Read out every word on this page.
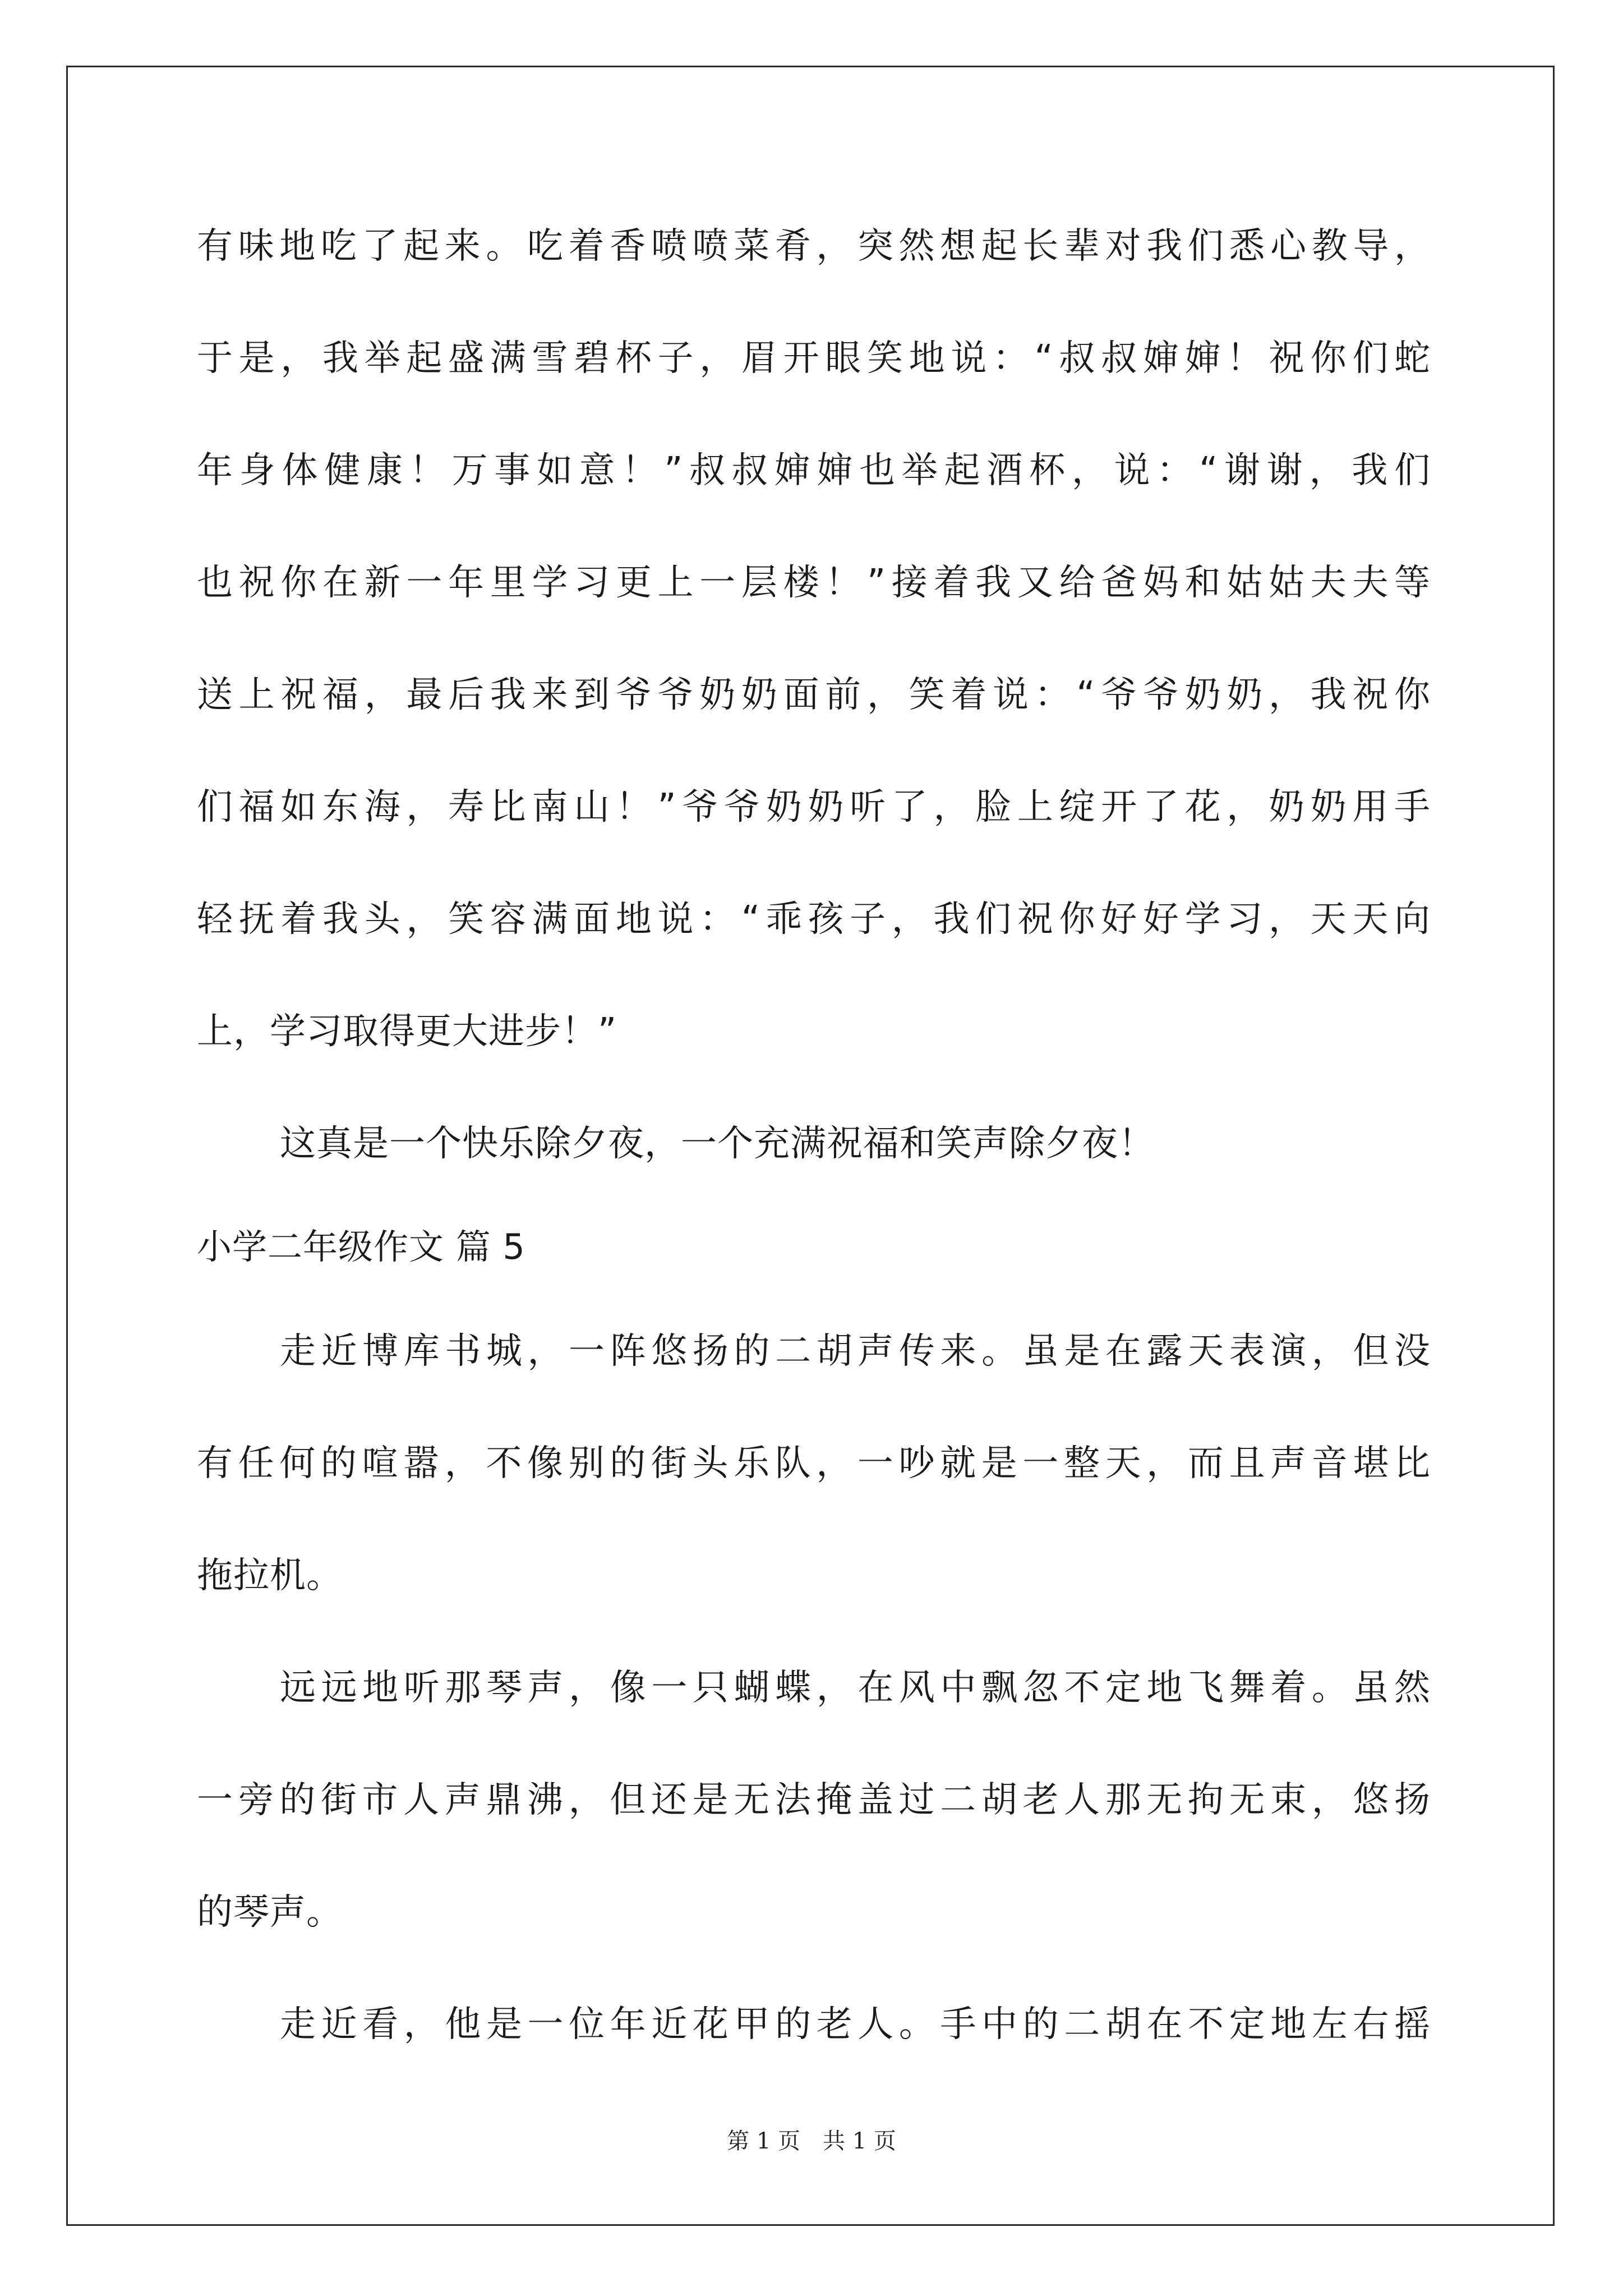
有味地吃了起来。吃着香喷喷菜肴，突然想起长辈对我们悉心教导，
于是，我举起盛满雪碧杯子，眉开眼笑地说：“叔叔婶婶！祝你们蛇
年身体健康！万事如意！”叔叔婶婶也举起酒杯，说：“谢谢，我们
也祝你在新一年里学习更上一层楼！”接着我又给爸妈和姑姑夫夫等
送上祝福，最后我来到爷爷奶奶面前，笑着说：“爷爷奶奶，我祝你
们福如东海，寿比南山！”爷爷奶奶听了，脸上绽开了花，奶奶用手
轻抚着我头，笑容满面地说：“乖孩子，我们祝你好好学习，天天向
上，学习取得更大进步！”
这真是一个快乐除夕夜，一个充满祝福和笑声除夕夜！
小学二年级作文 篇 5
走近博库书城，一阵悠扬的二胡声传来。虽是在露天表演，但没
有任何的喧嚣，不像别的街头乐队，一吵就是一整天，而且声音堪比
拖拉机。
远远地听那琴声，像一只蝴蝶，在风中飘忽不定地飞舞着。虽然
一旁的街市人声鼎沸，但还是无法掩盖过二胡老人那无拘无束，悠扬
的琴声。
走近看，他是一位年近花甲的老人。手中的二胡在不定地左右摇
第 1 页　共 1 页
